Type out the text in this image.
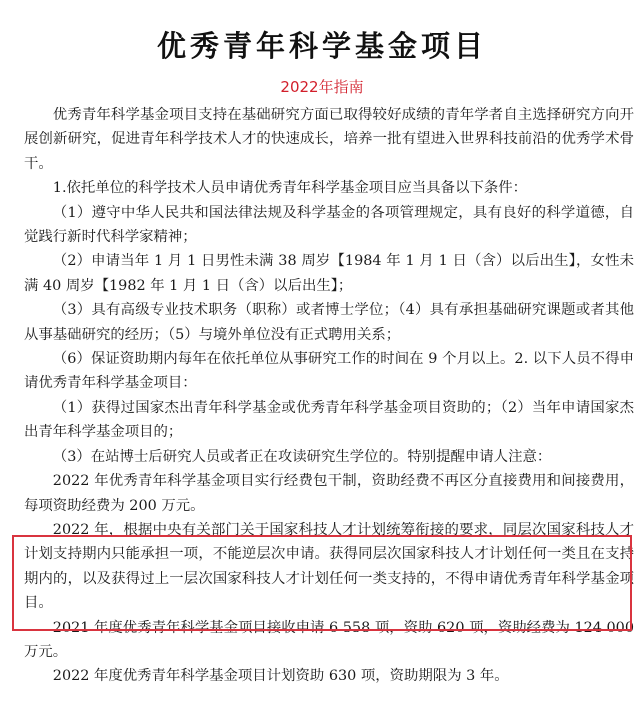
优秀青年科学基金项目
2022年指南

优秀青年科学基金项目支持在基础研究方面已取得较好成绩的青年学者自主选择研究方向开展创新研究，促进青年科学技术人才的快速成长，培养一批有望进入世界科技前沿的优秀学术骨干。

1.依托单位的科学技术人员申请优秀青年科学基金项目应当具备以下条件：

（1）遵守中华人民共和国法律法规及科学基金的各项管理规定，具有良好的科学道德，自觉践行新时代科学家精神；

（2）申请当年 1 月 1 日男性未满 38 周岁【1984 年 1 月 1 日（含）以后出生】，女性未满 40 周岁【1982 年 1 月 1 日（含）以后出生】；

（3）具有高级专业技术职务（职称）或者博士学位；（4）具有承担基础研究课题或者其他从事基础研究的经历；（5）与境外单位没有正式聘用关系；

（6）保证资助期内每年在依托单位从事研究工作的时间在 9 个月以上。2. 以下人员不得申请优秀青年科学基金项目：

（1）获得过国家杰出青年科学基金或优秀青年科学基金项目资助的；（2）当年申请国家杰出青年科学基金项目的；

（3）在站博士后研究人员或者正在攻读研究生学位的。特别提醒申请人注意：

2022 年优秀青年科学基金项目实行经费包干制，资助经费不再区分直接费用和间接费用，每项资助经费为 200 万元。

2022 年，根据中央有关部门关于国家科技人才计划统筹衔接的要求，同层次国家科技人才计划支持期内只能承担一项，不能逆层次申请。获得同层次国家科技人才计划任何一类且在支持期内的，以及获得过上一层次国家科技人才计划任何一类支持的，不得申请优秀青年科学基金项目。

2021 年度优秀青年科学基金项目接收申请 6 558 项，资助 620 项，资助经费为 124 000 万元。

2022 年度优秀青年科学基金项目计划资助 630 项，资助期限为 3 年。
